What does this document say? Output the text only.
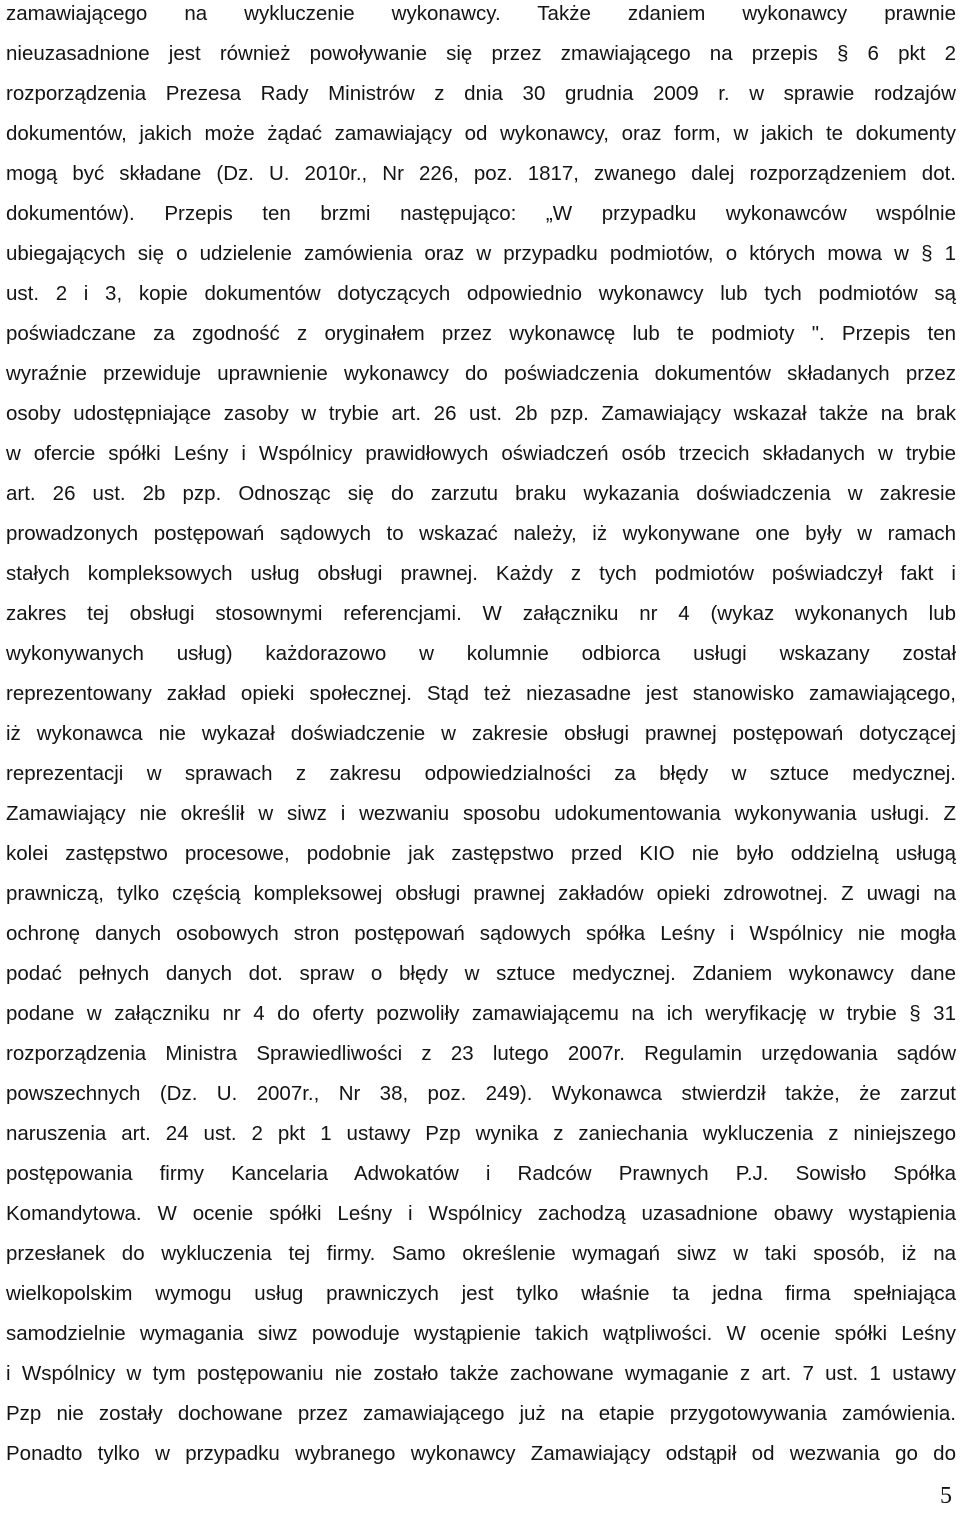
zamawiającego na wykluczenie wykonawcy. Także zdaniem wykonawcy prawnie
nieuzasadnione jest również powoływanie się przez zmawiającego na przepis § 6 pkt 2
rozporządzenia Prezesa Rady Ministrów z dnia 30 grudnia 2009 r. w sprawie rodzajów
dokumentów, jakich może żądać zamawiający od wykonawcy, oraz form, w jakich te dokumenty
mogą być składane (Dz. U. 2010r., Nr 226, poz. 1817, zwanego dalej rozporządzeniem dot.
dokumentów). Przepis ten brzmi następująco: „W przypadku wykonawców wspólnie
ubiegających się o udzielenie zamówienia oraz w przypadku podmiotów, o których mowa w § 1
ust. 2 i 3, kopie dokumentów dotyczących odpowiednio wykonawcy lub tych podmiotów są
poświadczane za zgodność z oryginałem przez wykonawcę lub te podmioty ". Przepis ten
wyraźnie przewiduje uprawnienie wykonawcy do poświadczenia dokumentów składanych przez
osoby udostępniające zasoby w trybie art. 26 ust. 2b pzp. Zamawiający wskazał także na brak
w ofercie spółki Leśny i Wspólnicy prawidłowych oświadczeń osób trzecich składanych w trybie
art. 26 ust. 2b pzp. Odnosząc się do zarzutu braku wykazania doświadczenia w zakresie
prowadzonych postępowań sądowych to wskazać należy, iż wykonywane one były w ramach
stałych kompleksowych usług obsługi prawnej. Każdy z tych podmiotów poświadczył fakt i
zakres tej obsługi stosownymi referencjami. W załączniku nr 4 (wykaz wykonanych lub
wykonywanych usług) każdorazowo w kolumnie odbiorca usługi wskazany został
reprezentowany zakład opieki społecznej. Stąd też niezasadne jest stanowisko zamawiającego,
iż wykonawca nie wykazał doświadczenie w zakresie obsługi prawnej postępowań dotyczącej
reprezentacji w sprawach z zakresu odpowiedzialności za błędy w sztuce medycznej.
Zamawiający nie określił w siwz i wezwaniu sposobu udokumentowania wykonywania usługi. Z
kolei zastępstwo procesowe, podobnie jak zastępstwo przed KIO nie było oddzielną usługą
prawniczą, tylko częścią kompleksowej obsługi prawnej zakładów opieki zdrowotnej. Z uwagi na
ochronę danych osobowych stron postępowań sądowych spółka Leśny i Wspólnicy nie mogła
podać pełnych danych dot. spraw o błędy w sztuce medycznej. Zdaniem wykonawcy dane
podane w załączniku nr 4 do oferty pozwoliły zamawiającemu na ich weryfikację w trybie § 31
rozporządzenia Ministra Sprawiedliwości z 23 lutego 2007r. Regulamin urzędowania sądów
powszechnych (Dz. U. 2007r., Nr 38, poz. 249). Wykonawca stwierdził także, że zarzut
naruszenia art. 24 ust. 2 pkt 1 ustawy Pzp wynika z zaniechania wykluczenia z niniejszego
postępowania firmy Kancelaria Adwokatów i Radców Prawnych P.J. Sowisło Spółka
Komandytowa. W ocenie spółki Leśny i Wspólnicy zachodzą uzasadnione obawy wystąpienia
przesłanek do wykluczenia tej firmy. Samo określenie wymagań siwz w taki sposób, iż na
wielkopolskim wymogu usług prawniczych jest tylko właśnie ta jedna firma spełniająca
samodzielnie wymagania siwz powoduje wystąpienie takich wątpliwości. W ocenie spółki Leśny
i Wspólnicy w tym postępowaniu nie zostało także zachowane wymaganie z art. 7 ust. 1 ustawy
Pzp nie zostały dochowane przez zamawiającego już na etapie przygotowywania zamówienia.
Ponadto tylko w przypadku wybranego wykonawcy Zamawiający odstąpił od wezwania go do
5
